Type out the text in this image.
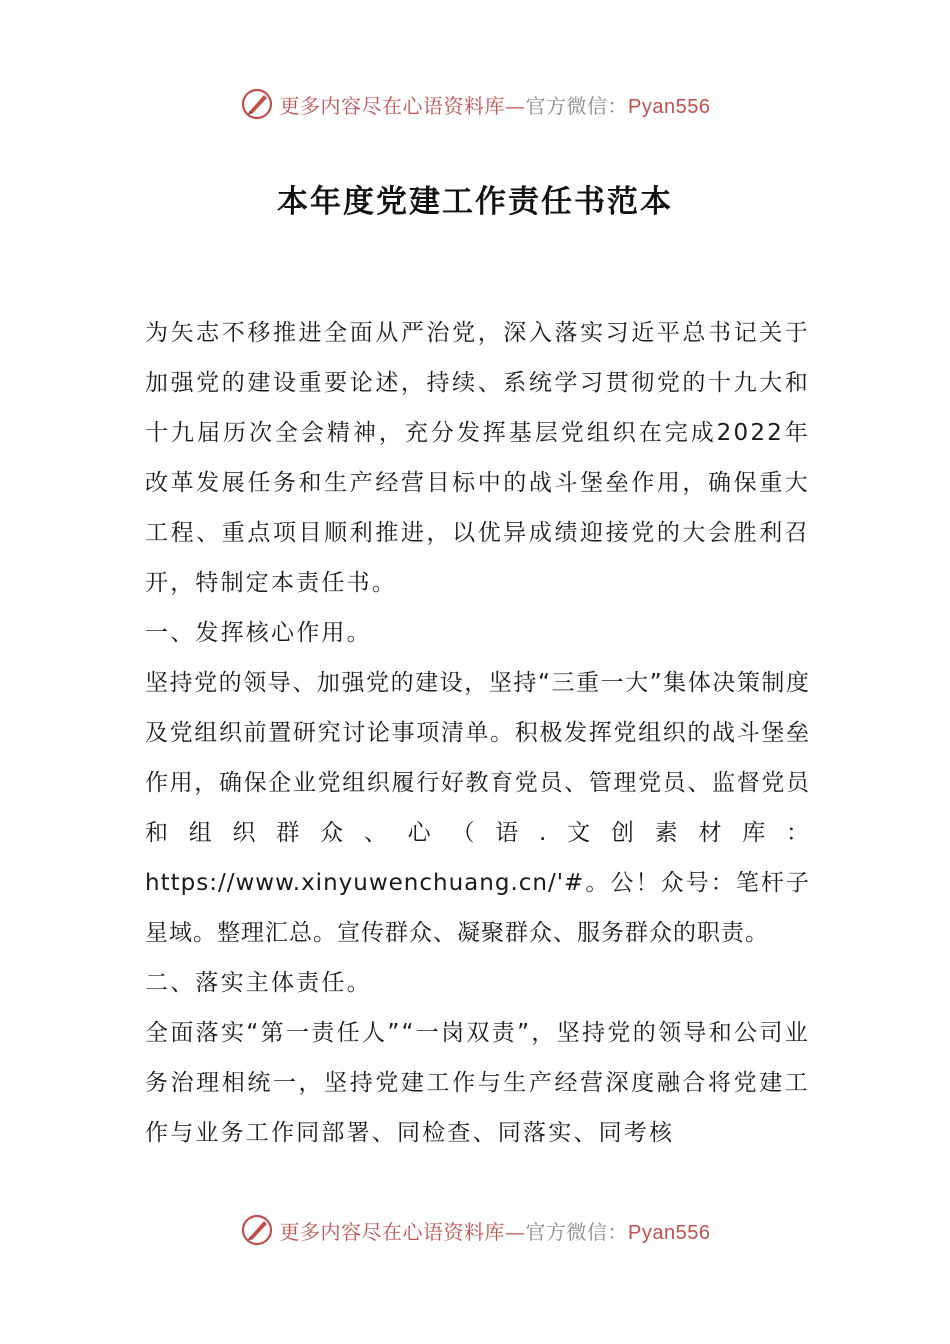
更多内容尽在心语资料库—官方微信：Pyan556
本年度党建工作责任书范本

为矢志不移推进全面从严治党，深入落实习近平总书记关于加强党的建设重要论述，持续、系统学习贯彻党的十九大和十九届历次全会精神，充分发挥基层党组织在完成2022年改革发展任务和生产经营目标中的战斗堡垒作用，确保重大工程、重点项目顺利推进，以优异成绩迎接党的大会胜利召开，特制定本责任书。

一、发挥核心作用。

坚持党的领导、加强党的建设，坚持“三重一大”集体决策制度及党组织前置研究讨论事项清单。积极发挥党组织的战斗堡垒作用，确保企业党组织履行好教育党员、管理党员、监督党员和组织群众、心（语.文创素材库：https://www.xinyuwenchuang.cn/'#。公！众号：笔杆子星域。整理汇总。宣传群众、凝聚群众、服务群众的职责。

二、落实主体责任。

全面落实“第一责任人”“一岗双责”，坚持党的领导和公司业务治理相统一，坚持党建工作与生产经营深度融合将党建工作与业务工作同部署、同检查、同落实、同考核

更多内容尽在心语资料库—官方微信：Pyan556
